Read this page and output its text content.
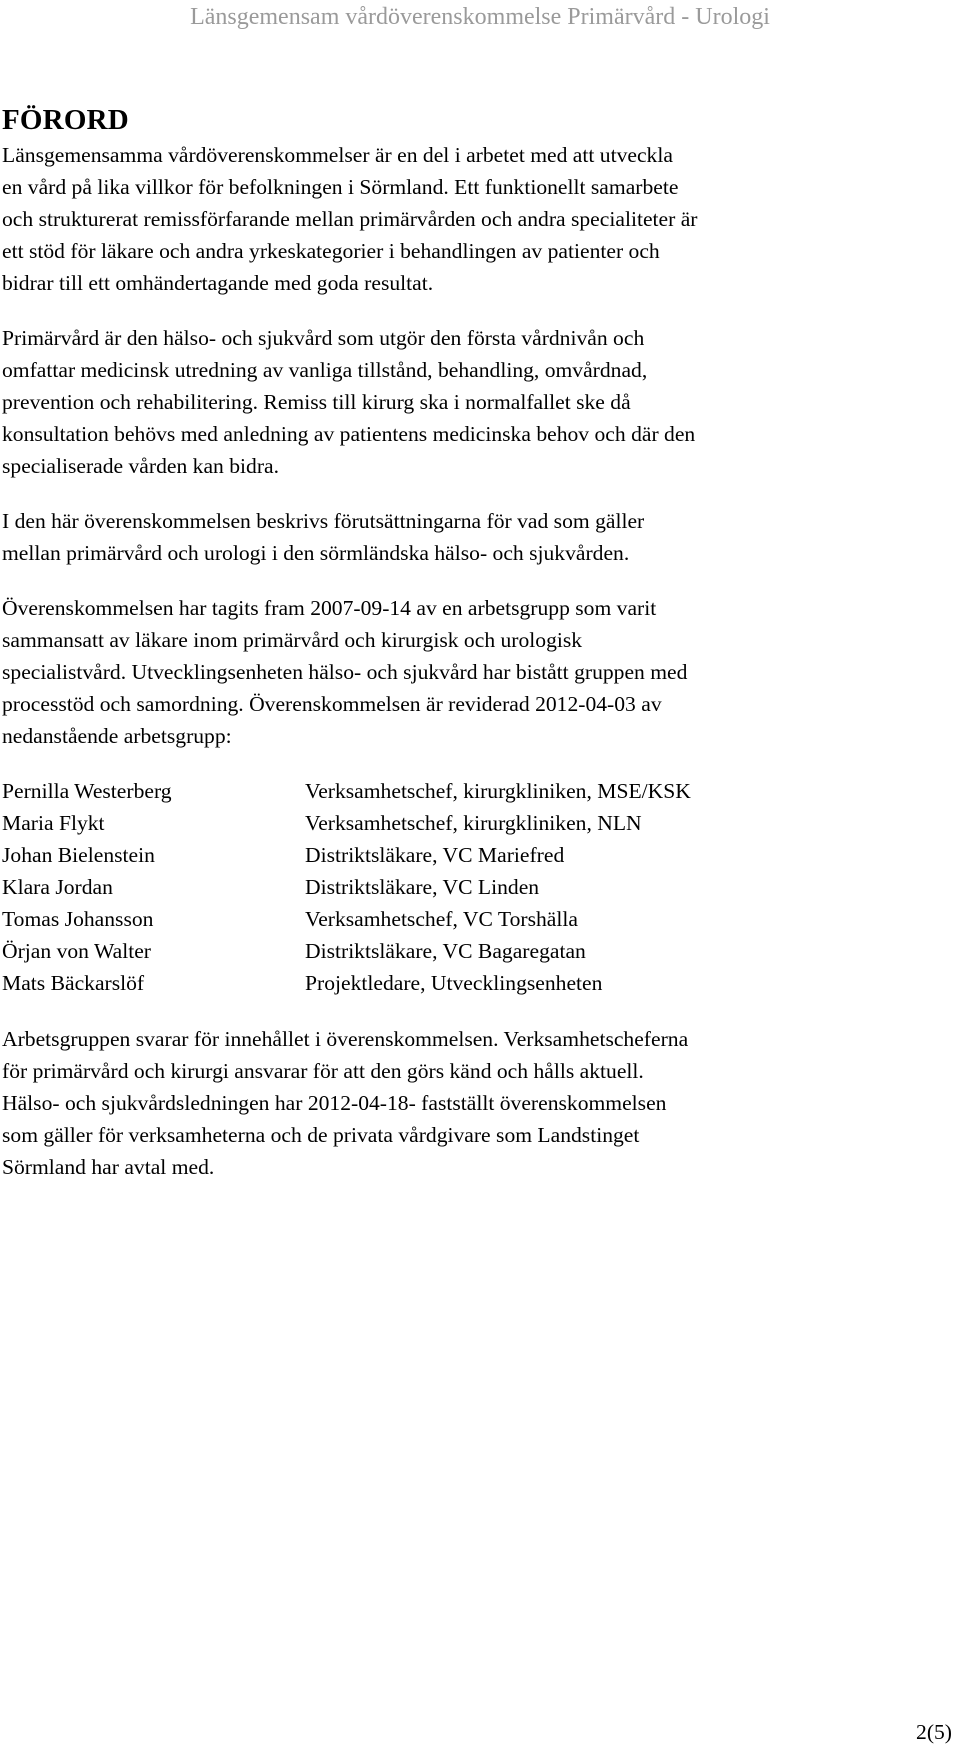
Länsgemensam vårdöverenskommelse Primärvård - Urologi
FÖRORD

Länsgemensamma vårdöverenskommelser är en del i arbetet med att utveckla
en vård på lika villkor för befolkningen i Sörmland. Ett funktionellt samarbete
och strukturerat remissförfarande mellan primärvården och andra specialiteter är
ett stöd för läkare och andra yrkeskategorier i behandlingen av patienter och
bidrar till ett omhändertagande med goda resultat.

Primärvård är den hälso- och sjukvård som utgör den första vårdnivån och
omfattar medicinsk utredning av vanliga tillstånd, behandling, omvårdnad,
prevention och rehabilitering. Remiss till kirurg ska i normalfallet ske då
konsultation behövs med anledning av patientens medicinska behov och där den
specialiserade vården kan bidra.

I den här överenskommelsen beskrivs förutsättningarna för vad som gäller
mellan primärvård och urologi i den sörmländska hälso- och sjukvården.

Överenskommelsen har tagits fram 2007-09-14 av en arbetsgrupp som varit
sammansatt av läkare inom primärvård och kirurgisk och urologisk
specialistvård. Utvecklingsenheten hälso- och sjukvård har bistått gruppen med
processtöd och samordning. Överenskommelsen är reviderad 2012-04-03 av
nedanstående arbetsgrupp:

Pernilla Westerberg	Verksamhetschef, kirurgkliniken, MSE/KSK
Maria Flykt	Verksamhetschef, kirurgkliniken, NLN
Johan Bielenstein	Distriktsläkare, VC Mariefred
Klara Jordan	Distriktsläkare, VC Linden
Tomas Johansson	Verksamhetschef, VC Torshälla
Örjan von Walter	Distriktsläkare, VC Bagaregatan
Mats Bäckarslöf	Projektledare, Utvecklingsenheten

Arbetsgruppen svarar för innehållet i överenskommelsen. Verksamhetscheferna
för primärvård och kirurgi ansvarar för att den görs känd och hålls aktuell.
Hälso- och sjukvårdsledningen har 2012-04-18- fastställt överenskommelsen
som gäller för verksamheterna och de privata vårdgivare som Landstinget
Sörmland har avtal med.

2(5)
